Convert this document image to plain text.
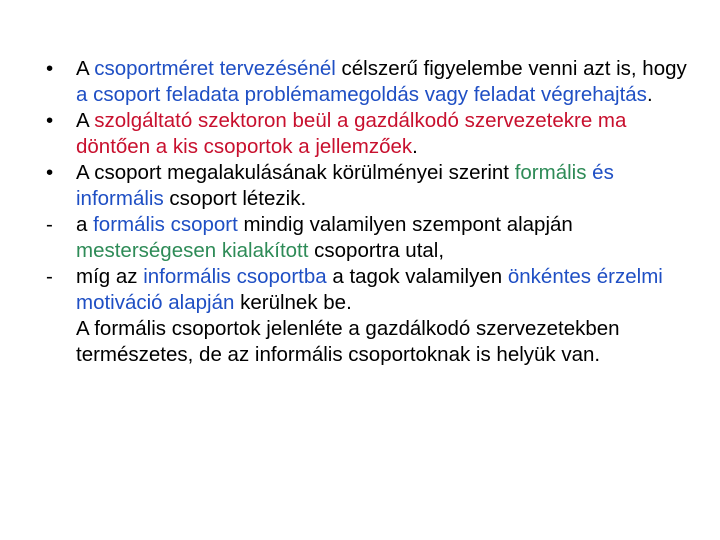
•	A csoportméret tervezésénél célszerű figyelembe venni azt is, hogy a csoport feladata problémamegoldás vagy feladat végrehajtás.
•	A szolgáltató szektoron beül a gazdálkodó szervezetekre ma döntően a kis csoportok a jellemzőek.
•	A csoport megalakulásának körülményei szerint formális és informális csoport létezik.
-	a formális csoport mindig valamilyen szempont alapján mesterségesen kialakított csoportra utal,
-	míg az informális csoportba a tagok valamilyen önkéntes érzelmi motiváció alapján kerülnek be.
A formális csoportok jelenléte a gazdálkodó szervezetekben természetes, de az informális csoportoknak is helyük van.
